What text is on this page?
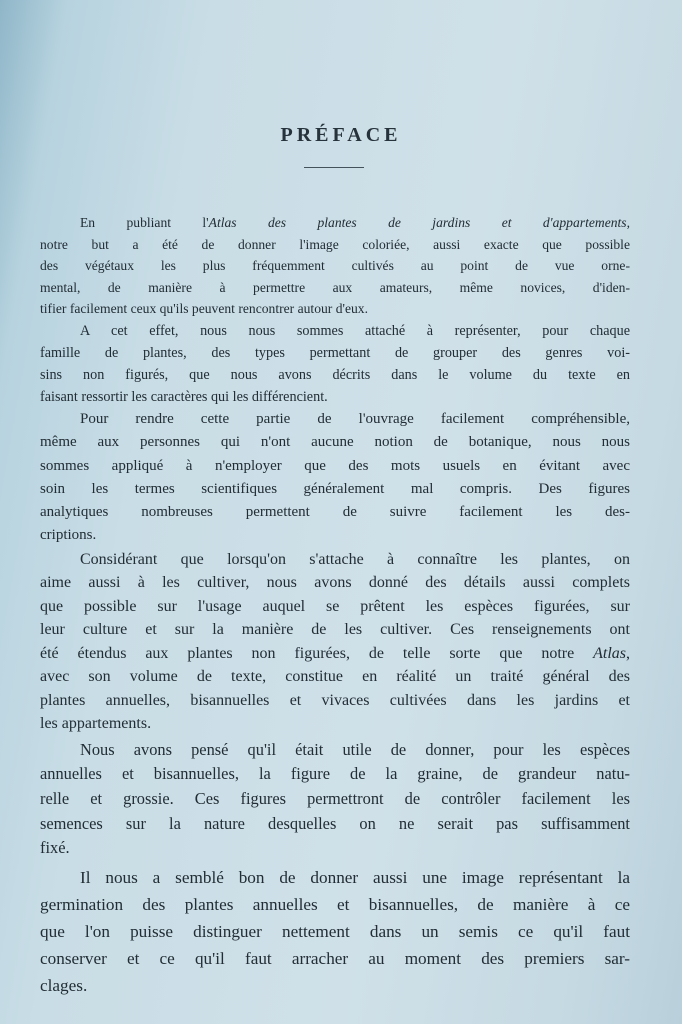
PRÉFACE
En publiant l'Atlas des plantes de jardins et d'appartements,
notre but a été de donner l'image coloriée, aussi exacte que possible
des végétaux les plus fréquemment cultivés au point de vue orne-
mental, de manière à permettre aux amateurs, même novices, d'iden-
tifier facilement ceux qu'ils peuvent rencontrer autour d'eux.
A cet effet, nous nous sommes attaché à représenter, pour chaque
famille de plantes, des types permettant de grouper des genres voi-
sins non figurés, que nous avons décrits dans le volume du texte en
faisant ressortir les caractères qui les différencient.
Pour rendre cette partie de l'ouvrage facilement compréhensible,
même aux personnes qui n'ont aucune notion de botanique, nous nous
sommes appliqué à n'employer que des mots usuels en évitant avec
soin les termes scientifiques généralement mal compris. Des figures
analytiques nombreuses permettent de suivre facilement les des-
criptions.
Considérant que lorsqu'on s'attache à connaître les plantes, on
aime aussi à les cultiver, nous avons donné des détails aussi complets
que possible sur l'usage auquel se prêtent les espèces figurées, sur
leur culture et sur la manière de les cultiver. Ces renseignements ont
été étendus aux plantes non figurées, de telle sorte que notre Atlas,
avec son volume de texte, constitue en réalité un traité général des
plantes annuelles, bisannuelles et vivaces cultivées dans les jardins et
les appartements.
Nous avons pensé qu'il était utile de donner, pour les espèces
annuelles et bisannuelles, la figure de la graine, de grandeur natu-
relle et grossie. Ces figures permettront de contrôler facilement les
semences sur la nature desquelles on ne serait pas suffisamment
fixé.
Il nous a semblé bon de donner aussi une image représentant la
germination des plantes annuelles et bisannuelles, de manière à ce
que l'on puisse distinguer nettement dans un semis ce qu'il faut
conserver et ce qu'il faut arracher au moment des premiers sar-
clages.
